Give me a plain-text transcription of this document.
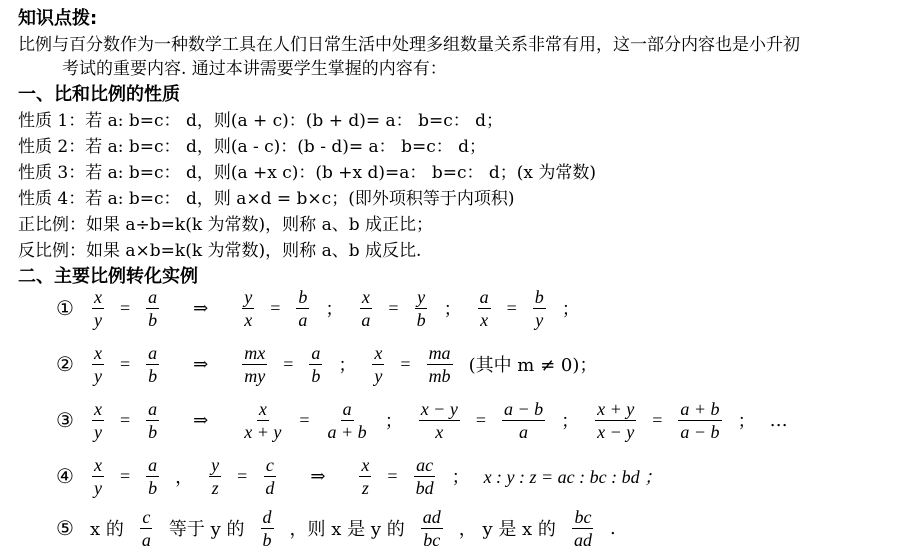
知识点拨:
比例与百分数作为一种数学工具在人们日常生活中处理多组数量关系非常有用，这一部分内容也是小升初
考试的重要内容. 通过本讲需要学生掌握的内容有：
一、比和比例的性质
性质 1：若 a: b=c： d，则(a + c)：(b + d)= a： b=c： d；
性质 2：若 a: b=c： d，则(a - c)：(b - d)= a： b=c： d；
性质 3：若 a: b=c： d，则(a +x c)：(b +x d)=a： b=c： d；(x 为常数)
性质 4：若 a: b=c： d，则 a×d = b×c；(即外项积等于内项积)
正比例：如果 a÷b=k(k 为常数)，则称 a、b 成正比；
反比例：如果 a×b=k(k 为常数)，则称 a、b 成反比.
二、主要比例转化实例
① $\frac{x}{y} = \frac{a}{b}$ ⇒ $\frac{y}{x} = \frac{b}{a}$ ； $\frac{x}{a} = \frac{y}{b}$ ； $\frac{a}{x} = \frac{b}{y}$ ；
② $\frac{x}{y} = \frac{a}{b}$ ⇒ $\frac{mx}{my} = \frac{a}{b}$ ； $\frac{x}{y} = \frac{ma}{mb}$ (其中 m ≠ 0)；
③ $\frac{x}{y} = \frac{a}{b}$ ⇒ $\frac{x}{x + y} = \frac{a}{a + b}$ ； $\frac{x - y}{x} = \frac{a - b}{a}$ ； $\frac{x + y}{x - y} = \frac{a + b}{a - b}$ ； …
④ $\frac{x}{y} = \frac{a}{b}$ ， $\frac{y}{z} = \frac{c}{d}$ ⇒ $\frac{x}{z} = \frac{ac}{bd}$ ； x : y : z = ac : bc : bd ；
⑤ x 的 $\frac{c}{a}$ 等于 y 的 $\frac{d}{b}$ ，则 x 是 y 的 $\frac{ad}{bc}$ ， y 是 x 的 $\frac{bc}{ad}$ .
